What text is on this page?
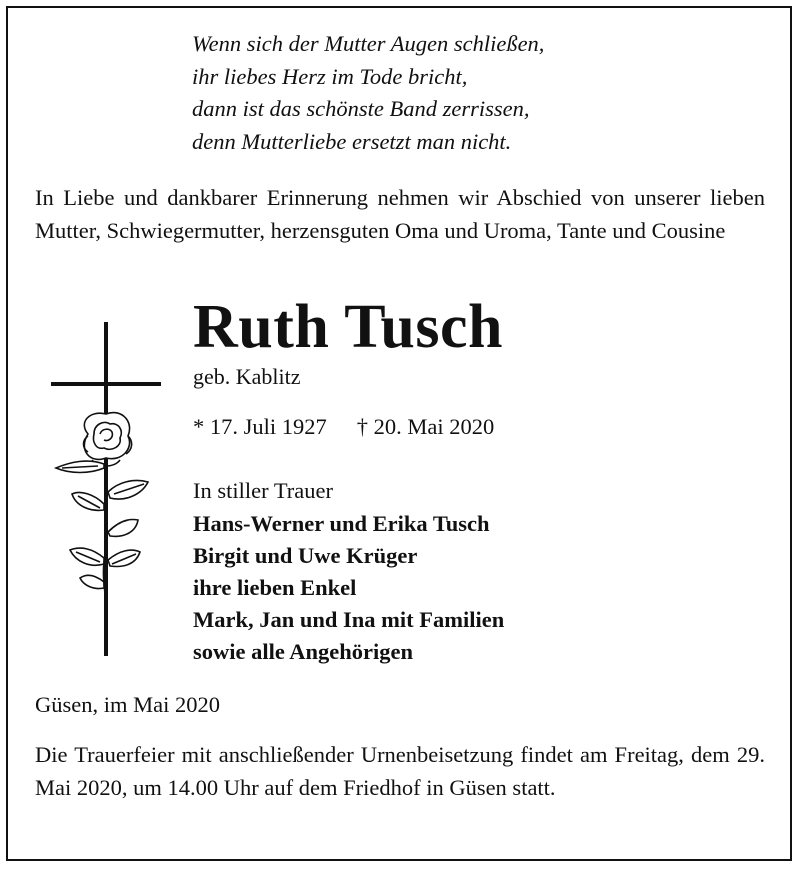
Wenn sich der Mutter Augen schließen,
ihr liebes Herz im Tode bricht,
dann ist das schönste Band zerrissen,
denn Mutterliebe ersetzt man nicht.
In Liebe und dankbarer Erinnerung nehmen wir Abschied von unserer lieben Mutter, Schwiegermutter, herzensguten Oma und Uroma, Tante und Cousine
Ruth Tusch
geb. Kablitz
* 17. Juli 1927 † 20. Mai 2020
In stiller Trauer
Hans-Werner und Erika Tusch
Birgit und Uwe Krüger
ihre lieben Enkel
Mark, Jan und Ina mit Familien
sowie alle Angehörigen
Güsen, im Mai 2020
Die Trauerfeier mit anschließender Urnenbeisetzung findet am Freitag, dem 29. Mai 2020, um 14.00 Uhr auf dem Friedhof in Güsen statt.
